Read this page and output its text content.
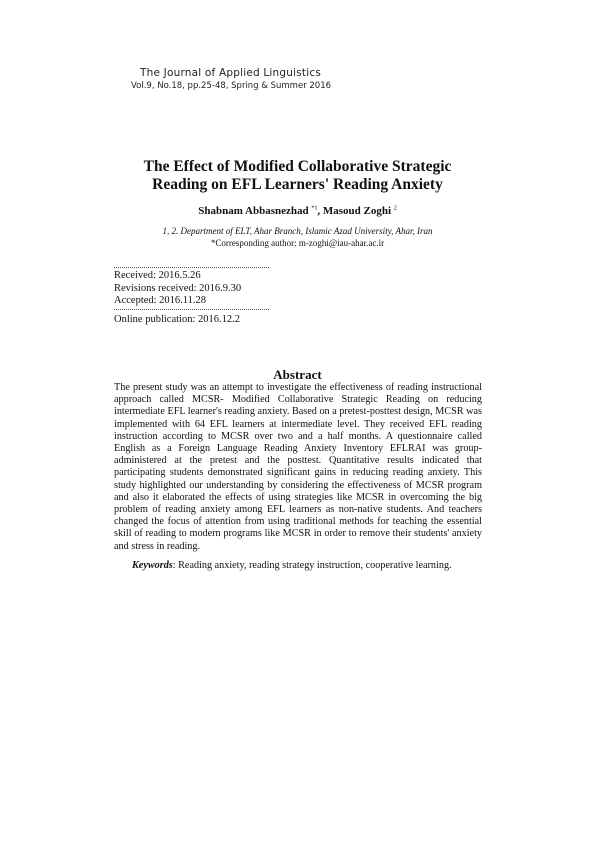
The Journal of Applied Linguistics
Vol.9, No.18, pp.25-48, Spring & Summer 2016
The Effect of Modified Collaborative Strategic
Reading on EFL Learners' Reading Anxiety
Shabnam Abbasnezhad $^{*1}$, Masoud Zoghi $^2$
1, 2. Department of ELT, Ahar Branch, Islamic Azad University, Ahar, Iran
*Corresponding author: m-zoghi@iau-ahar.ac.ir
Received: 2016.5.26
Revisions received: 2016.9.30
Accepted: 2016.11.28
Online publication: 2016.12.2
Abstract
The present study was an attempt to investigate the effectiveness of reading instructional approach called MCSR- Modified Collaborative Strategic Reading on reducing intermediate EFL learner's reading anxiety. Based on a pretest-posttest design, MCSR was implemented with 64 EFL learners at intermediate level. They received EFL reading instruction according to MCSR over two and a half months. A questionnaire called English as a Foreign Language Reading Anxiety Inventory EFLRAI was group-administered at the pretest and the posttest. Quantitative results indicated that participating students demonstrated significant gains in reducing reading anxiety. This study highlighted our understanding by considering the effectiveness of MCSR program and also it elaborated the effects of using strategies like MCSR in overcoming the big problem of reading anxiety among EFL learners as non-native students. And teachers changed the focus of attention from using traditional methods for teaching the essential skill of reading to modern programs like MCSR in order to remove their students' anxiety and stress in reading.
Keywords: Reading anxiety, reading strategy instruction, cooperative learning.
